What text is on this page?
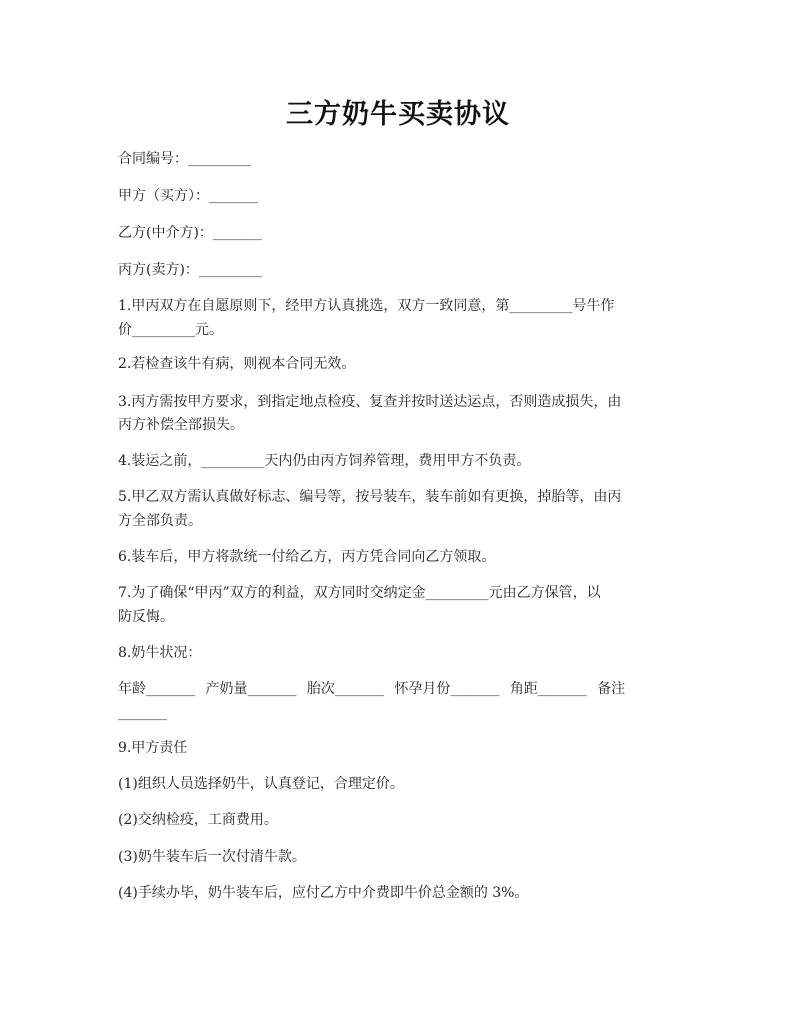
三方奶牛买卖协议
合同编号：_________
甲方（买方）：_______
乙方(中介方)：_______
丙方(卖方)：_________
1.甲丙双方在自愿原则下，经甲方认真挑选，双方一致同意，第_________号牛作
价_________元。
2.若检查该牛有病，则视本合同无效。
3.丙方需按甲方要求，到指定地点检疫、复查并按时送达运点，否则造成损失，由
丙方补偿全部损失。
4.装运之前，_________天内仍由丙方饲养管理，费用甲方不负责。
5.甲乙双方需认真做好标志、编号等，按号装车，装车前如有更换，掉胎等，由丙
方全部负责。
6.装车后，甲方将款统一付给乙方，丙方凭合同向乙方领取。
7.为了确保“甲丙”双方的利益，双方同时交纳定金_________元由乙方保管，以
防反悔。
8.奶牛状况：
年龄_______ 产奶量_______ 胎次_______ 怀孕月份_______ 角距_______ 备注
_______
9.甲方责任
(1)组织人员选择奶牛，认真登记，合理定价。
(2)交纳检疫，工商费用。
(3)奶牛装车后一次付清牛款。
(4)手续办毕，奶牛装车后，应付乙方中介费即牛价总金额的 3%。
